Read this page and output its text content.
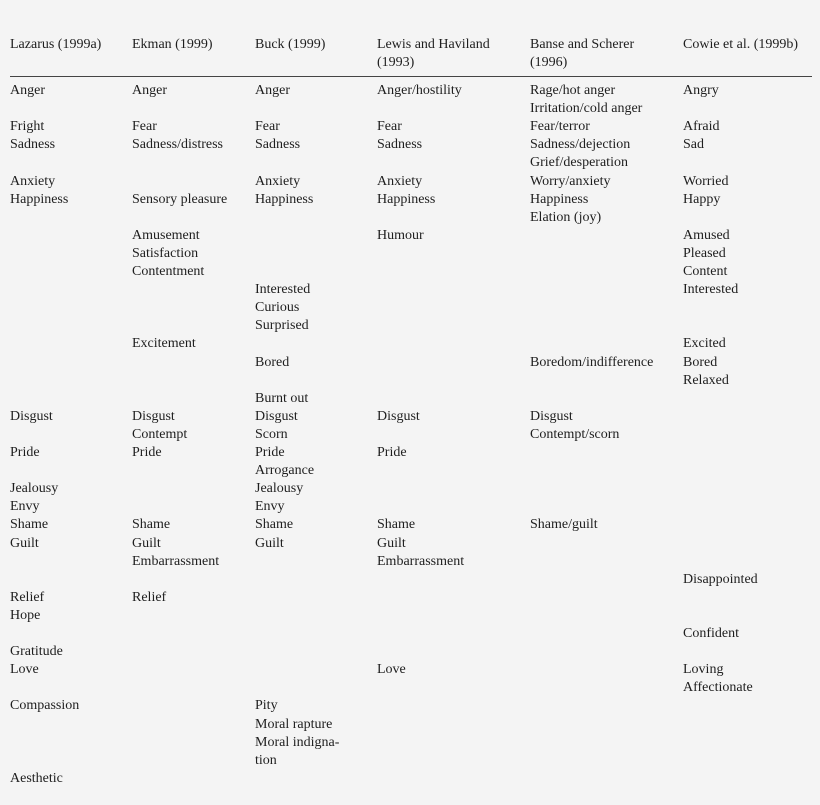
Lazarus (1999a) Ekman (1999)	Buck (1999)	Lewis and Haviland
(1993)
Banse and Scherer
(1996)
Cowie et al. (1999b)
Anger
Fright
Sadness
Anxiety
Happiness
Disgust
Pride
Jealousy
Envy
Shame
Guilt
Relief
Hope
Gratitude
Love
Compassion
Aesthetic
Anger
Fear
Sadness/distress
Sensory pleasure
Amusement
Satisfaction
Contentment
Excitement
Disgust
Contempt
Pride
Shame
Guilt
Embarrassment
Relief
Anger
Fear
Sadness
Anxiety
Happiness
Interested
Curious
Surprised
Bored
Burnt out
Disgust
Scorn
Pride
Arrogance
Jealousy
Envy
Shame
Guilt
Pity
Moral rapture
Moral indigna-
tion
Anger/hostility
Fear
Sadness
Anxiety
Happiness
Humour
Disgust
Pride
Shame
Guilt
Embarrassment
Love
Rage/hot anger
Irritation/cold anger
Fear/terror
Sadness/dejection
Grief/desperation
Worry/anxiety
Happiness
Elation (joy)
Boredom/indifference
Disgust
Contempt/scorn
Shame/guilt
Angry
Afraid
Sad
Worried
Happy
Amused
Pleased
Content
Interested
Excited
Bored
Relaxed
Disappointed
Confident
Loving
Affectionate
